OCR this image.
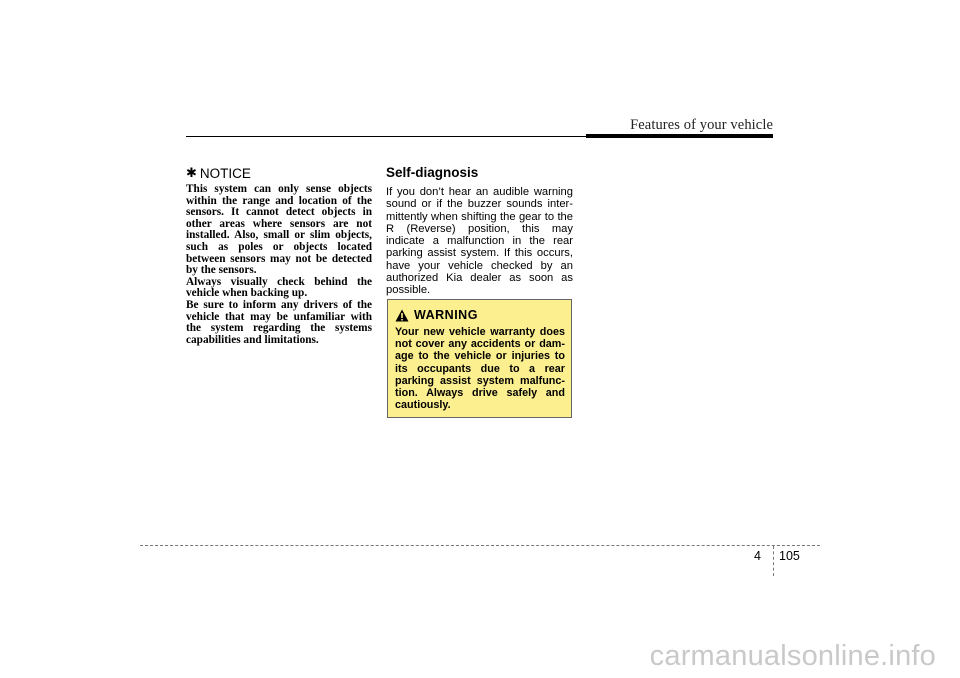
Features of your vehicle
✱ NOTICE

This system can only sense objects within the range and location of the sensors. It cannot detect objects in other areas where sensors are not installed. Also, small or slim objects, such as poles or objects located between sensors may not be detected by the sensors.

Always visually check behind the vehicle when backing up.

Be sure to inform any drivers of the vehicle that may be unfamiliar with the system regarding the systems capabilities and limitations.

Self-diagnosis

If you don’t hear an audible warning sound or if the buzzer sounds inter-mittently when shifting the gear to the R (Reverse) position, this may indicate a malfunction in the rear parking assist system. If this occurs, have your vehicle checked by an authorized Kia dealer as soon as possible.

WARNING

Your new vehicle warranty does not cover any accidents or dam-age to the vehicle or injuries to its occupants due to a rear parking assist system malfunc-tion. Always drive safely and cautiously.

4 105
carmanualsonline.info
